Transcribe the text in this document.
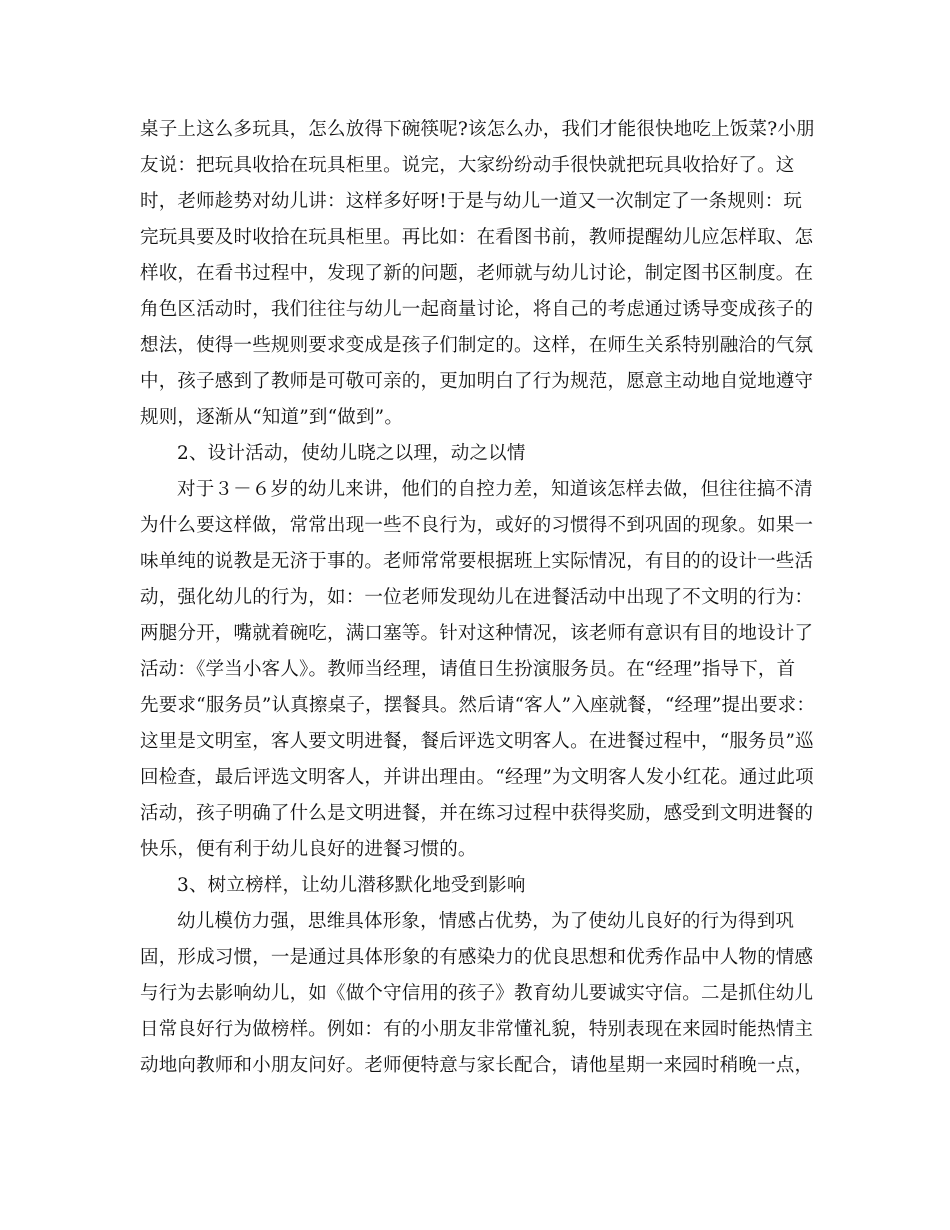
桌子上这么多玩具，怎么放得下碗筷呢?该怎么办，我们才能很快地吃上饭菜?小朋
友说：把玩具收拾在玩具柜里。说完，大家纷纷动手很快就把玩具收拾好了。这
时，老师趁势对幼儿讲：这样多好呀!于是与幼儿一道又一次制定了一条规则：玩
完玩具要及时收拾在玩具柜里。再比如：在看图书前，教师提醒幼儿应怎样取、怎
样收，在看书过程中，发现了新的问题，老师就与幼儿讨论，制定图书区制度。在
角色区活动时，我们往往与幼儿一起商量讨论，将自己的考虑通过诱导变成孩子的
想法，使得一些规则要求变成是孩子们制定的。这样，在师生关系特别融洽的气氛
中，孩子感到了教师是可敬可亲的，更加明白了行为规范，愿意主动地自觉地遵守
规则，逐渐从“知道”到“做到”。
2、设计活动，使幼儿晓之以理，动之以情
对于３－６岁的幼儿来讲，他们的自控力差，知道该怎样去做，但往往搞不清
为什么要这样做，常常出现一些不良行为，或好的习惯得不到巩固的现象。如果一
味单纯的说教是无济于事的。老师常常要根据班上实际情况，有目的的设计一些活
动，强化幼儿的行为，如：一位老师发现幼儿在进餐活动中出现了不文明的行为：
两腿分开，嘴就着碗吃，满口塞等。针对这种情况，该老师有意识有目的地设计了
活动：《学当小客人》。教师当经理，请值日生扮演服务员。在“经理”指导下，首
先要求“服务员”认真擦桌子，摆餐具。然后请“客人”入座就餐，“经理”提出要求：
这里是文明室，客人要文明进餐，餐后评选文明客人。在进餐过程中，“服务员”巡
回检查，最后评选文明客人，并讲出理由。“经理”为文明客人发小红花。通过此项
活动，孩子明确了什么是文明进餐，并在练习过程中获得奖励，感受到文明进餐的
快乐，便有利于幼儿良好的进餐习惯的。
3、树立榜样，让幼儿潜移默化地受到影响
幼儿模仿力强，思维具体形象，情感占优势，为了使幼儿良好的行为得到巩
固，形成习惯，一是通过具体形象的有感染力的优良思想和优秀作品中人物的情感
与行为去影响幼儿，如《做个守信用的孩子》教育幼儿要诚实守信。二是抓住幼儿
日常良好行为做榜样。例如：有的小朋友非常懂礼貌，特别表现在来园时能热情主
动地向教师和小朋友问好。老师便特意与家长配合，请他星期一来园时稍晚一点，
